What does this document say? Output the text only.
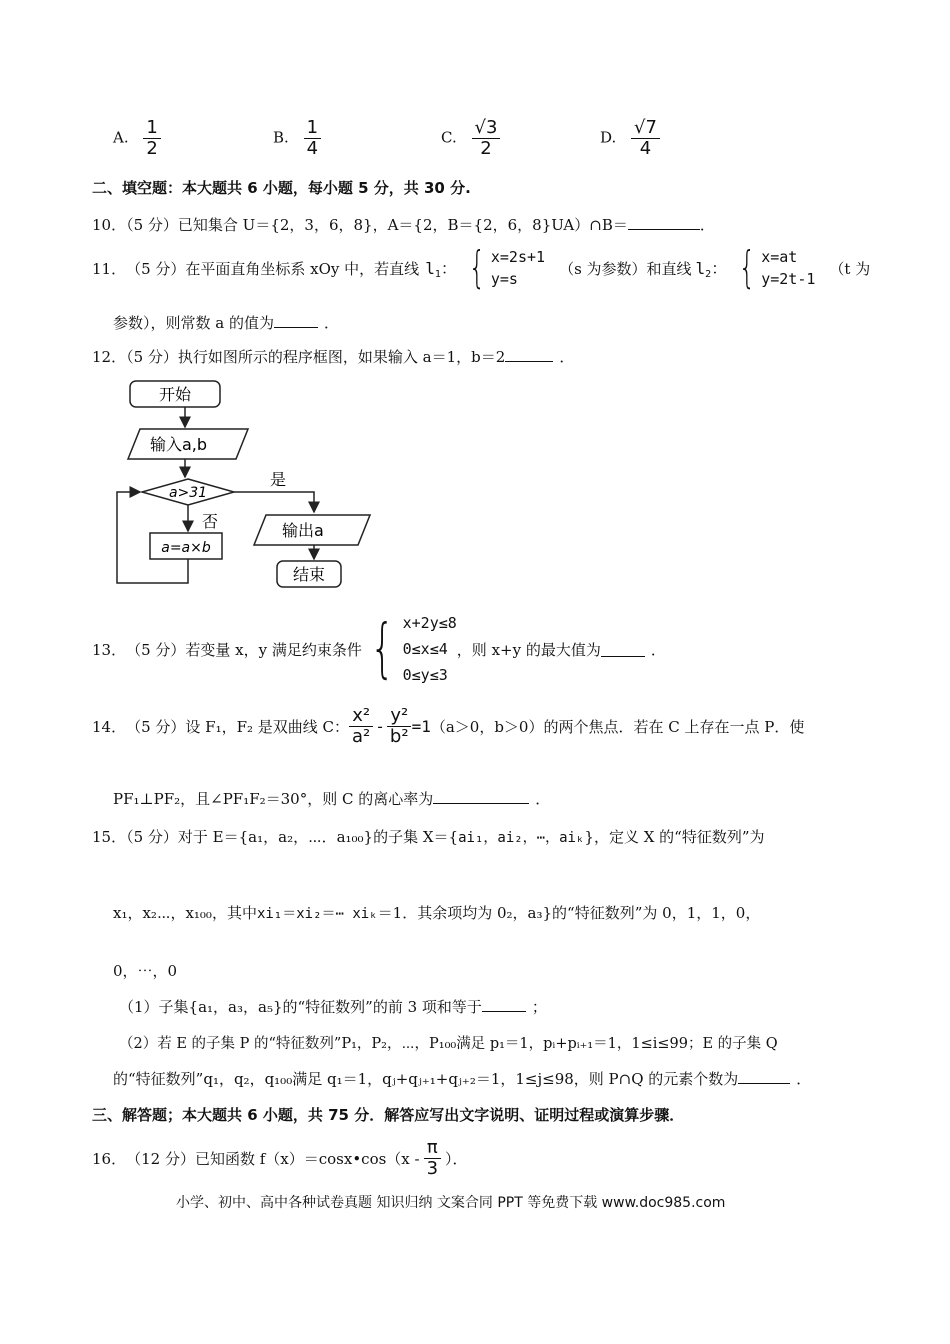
A. $\frac{1}{2}$	B. $\frac{1}{4}$	C. $\frac{√3}{2}$	D. $\frac{√7}{4}$
二、填空题：本大题共 6 小题，每小题 5 分，共 30 分.
10．（5 分）已知集合 U＝{2，3，6，8}，A＝{2，B＝{2，6，8}UA）∩B＝	．
11． （5 分）在平面直角坐标系 xOy 中，若直线 $l_1$： { x=2s+1
y=s
（s 为参数）和直线 $l_2$： { x=at
y=2t-1
（t 为
参数），则常数 a 的值为	．
12．（5 分）执行如图所示的程序框图，如果输入 a＝1，b＝2	．
开始
输入a,b
a>31
是
输出a
结束
否
a=a×b
13． （5 分）若变量 x，y 满足约束条件 { x+2y≤8
0≤x≤4
0≤y≤3
，则 x+y 的最大值为	．
14． （5 分）设 F₁，F₂ 是双曲线 C： $\frac{\text{x²}}{\text{a²}} - \frac{\text{y²}}{\text{b²}} =1$ （a＞0，b＞0）的两个焦点．若在 C 上存在一点 P．使
PF₁⊥PF₂，且∠PF₁F₂＝30°，则 C 的离心率为	．
15．（5 分）对于 E＝{a₁，a₂，⋯．a₁₀₀}的子集 X＝{ai₁，ai₂，⋯，aiₖ}，定义 X 的“特征数列”为
x₁，x₂⋯，x₁₀₀，其中xi₁＝xi₂＝⋯ xiₖ＝1．其余项均为 0₂，a₃}的“特征数列”为 0，1，1，0，
0，⋯，0
（1）子集{a₁，a₃，a₅}的“特征数列”的前 3 项和等于	；
（2）若 E 的子集 P 的“特征数列”P₁，P₂，⋯，P₁₀₀满足 p₁＝1，pᵢ+pᵢ₊₁＝1，1≤i≤99；E 的子集 Q
的“特征数列”q₁，q₂，q₁₀₀满足 q₁＝1，qⱼ+qⱼ₊₁+qⱼ₊₂＝1，1≤j≤98，则 P∩Q 的元素个数为	．
三、解答题；本大题共 6 小题，共 75 分．解答应写出文字说明、证明过程或演算步骤．
16． （12 分）已知函数 f（x）＝cosx•cos（x - $\frac{\pi}{3}$ ）．
小学、初中、高中各种试卷真题 知识归纳 文案合同 PPT 等免费下载 www.doc985.com
